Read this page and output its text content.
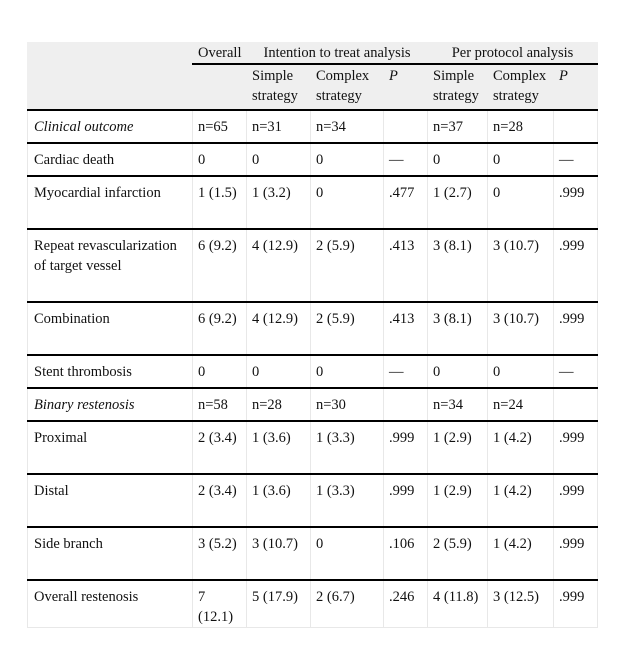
	Overall	Intention to treat analysis			Per protocol analysis		
		Simple strategy	Complex strategy	P	Simple strategy	Complex strategy	P
Clinical outcome	n=65	n=31	n=34		n=37	n=28	
Cardiac death	0	0	0	—	0	0	—
Myocardial infarction	1 (1.5)	1 (3.2)	0	.477	1 (2.7)	0	.999
Repeat revascularization of target vessel	6 (9.2)	4 (12.9)	2 (5.9)	.413	3 (8.1)	3 (10.7)	.999
Combination	6 (9.2)	4 (12.9)	2 (5.9)	.413	3 (8.1)	3 (10.7)	.999
Stent thrombosis	0	0	0	—	0	0	—
Binary restenosis	n=58	n=28	n=30		n=34	n=24	
Proximal	2 (3.4)	1 (3.6)	1 (3.3)	.999	1 (2.9)	1 (4.2)	.999
Distal	2 (3.4)	1 (3.6)	1 (3.3)	.999	1 (2.9)	1 (4.2)	.999
Side branch	3 (5.2)	3 (10.7)	0	.106	2 (5.9)	1 (4.2)	.999
Overall restenosis	7 (12.1)	5 (17.9)	2 (6.7)	.246	4 (11.8)	3 (12.5)	.999
